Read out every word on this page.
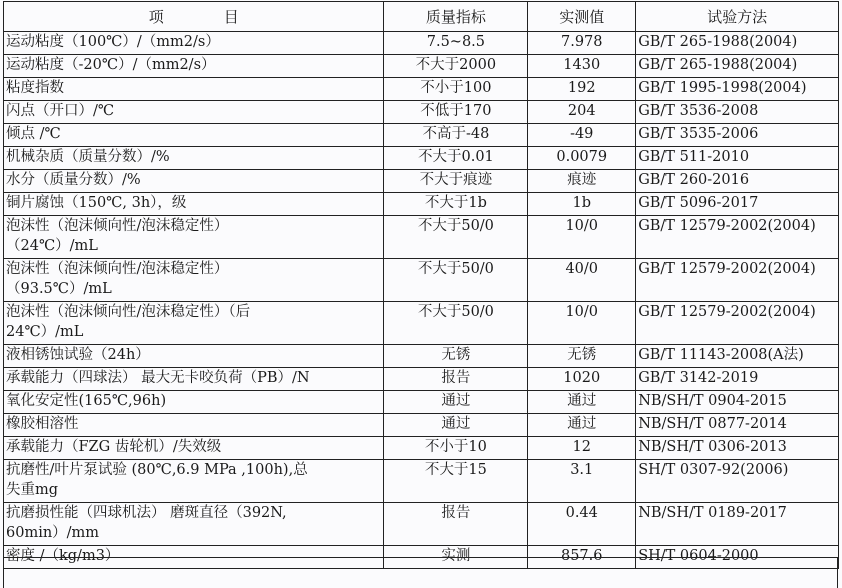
项　　　　目	质量指标	实测值	试验方法
运动粘度（100℃）/（mm2/s）	7.5~8.5	7.978	GB/T 265-1988(2004)
运动粘度（-20℃）/（mm2/s）	不大于2000	1430	GB/T 265-1988(2004)
粘度指数	不小于100	192	GB/T 1995-1998(2004)
闪点（开口）/℃	不低于170	204	GB/T 3536-2008
倾点 /℃	不高于-48	-49	GB/T 3535-2006
机械杂质（质量分数）/%	不大于0.01	0.0079	GB/T 511-2010
水分（质量分数）/%	不大于痕迹	痕迹	GB/T 260-2016
铜片腐蚀（150℃, 3h），级	不大于1b	1b	GB/T 5096-2017
泡沫性（泡沫倾向性/泡沫稳定性）
（24℃）/mL	不大于50/0	10/0	GB/T 12579-2002(2004)
泡沫性（泡沫倾向性/泡沫稳定性）
（93.5℃）/mL	不大于50/0	40/0	GB/T 12579-2002(2004)
泡沫性（泡沫倾向性/泡沫稳定性）（后
24℃）/mL	不大于50/0	10/0	GB/T 12579-2002(2004)
液相锈蚀试验（24h）	无锈	无锈	GB/T 11143-2008(A法)
承载能力（四球法） 最大无卡咬负荷（PB）/N	报告	1020	GB/T 3142-2019
氧化安定性(165℃,96h)	通过	通过	NB/SH/T 0904-2015
橡胶相溶性	通过	通过	NB/SH/T 0877-2014
承载能力（FZG 齿轮机）/失效级	不小于10	12	NB/SH/T 0306-2013
抗磨性/叶片泵试验 (80℃,6.9 MPa ,100h),总
失重mg	不大于15	3.1	SH/T 0307-92(2006)
抗磨损性能（四球机法） 磨斑直径（392N,
60min）/mm	报告	0.44	NB/SH/T 0189-2017
密度 /（kg/m3）	实测	857.6	SH/T 0604-2000
